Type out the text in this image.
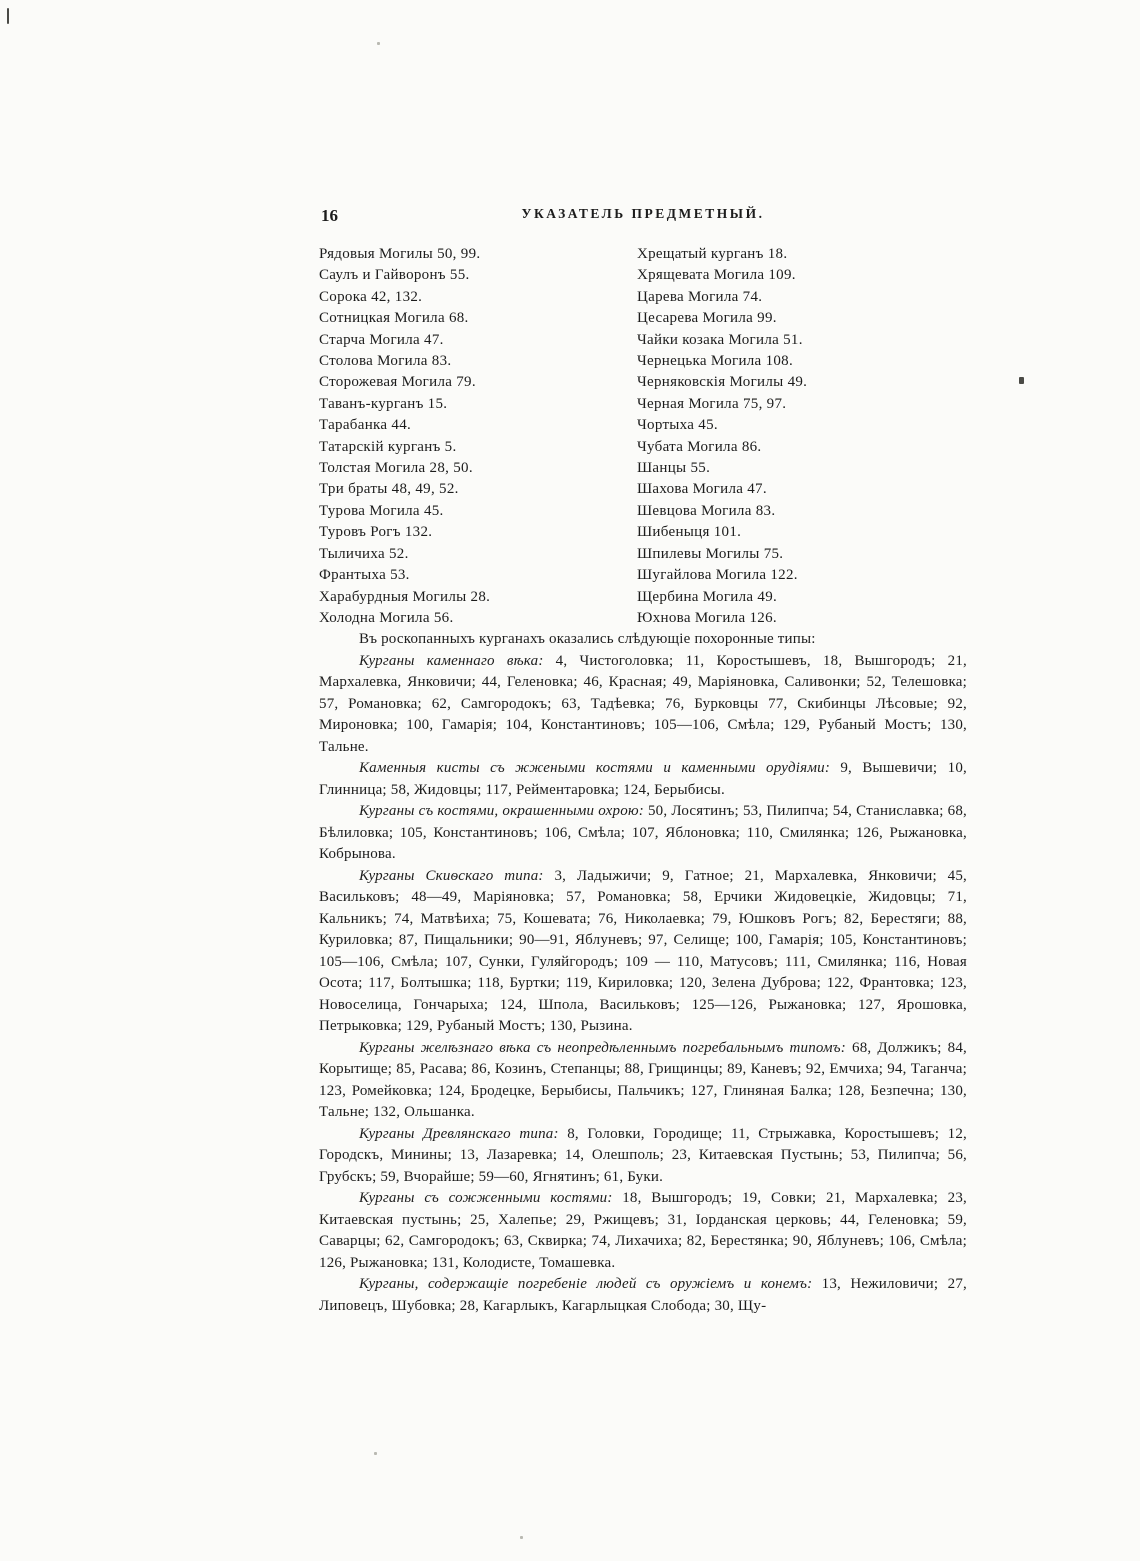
16	УКАЗАТЕЛЬ ПРЕДМЕТНЫЙ.
Рядовыя Могилы 50, 99.
Саулъ и Гайворонъ 55.
Сорока 42, 132.
Сотницкая Могила 68.
Старча Могила 47.
Столова Могила 83.
Сторожевая Могила 79.
Таванъ-курганъ 15.
Тарабанка 44.
Татарскій курганъ 5.
Толстая Могила 28, 50.
Три браты 48, 49, 52.
Турова Могила 45.
Туровъ Рогъ 132.
Тыличиха 52.
Франтыха 53.
Харабурдныя Могилы 28.
Холодна Могила 56.
Хрещатый курганъ 18.
Хрящевата Могила 109.
Царева Могила 74.
Цесарева Могила 99.
Чайки козака Могила 51.
Чернецька Могила 108.
Черняковскія Могилы 49.
Черная Могила 75, 97.
Чортыха 45.
Чубата Могила 86.
Шанцы 55.
Шахова Могила 47.
Шевцова Могила 83.
Шибеныця 101.
Шпилевы Могилы 75.
Шугайлова Могила 122.
Щербина Могила 49.
Юхнова Могила 126.

Въ роскопанныхъ курганахъ оказались слѣдующіе похоронные типы:

Курганы каменнаго вѣка: 4, Чистоголовка; 11, Коростышевъ, 18, Вышгородъ; 21, Мархалевка, Янковичи; 44, Геленовка; 46, Красная; 49, Маріяновка, Саливонки; 52, Телешовка; 57, Романовка; 62, Самгородокъ; 63, Тадѣевка; 76, Бурковцы 77, Скибинцы Лѣсовые; 92, Мироновка; 100, Гамарія; 104, Константиновъ; 105—106, Смѣла; 129, Рубаный Мостъ; 130, Тальне.

Каменныя кисты съ жжеными костями и каменными орудіями: 9, Вышевичи; 10, Глинница; 58, Жидовцы; 117, Рейментаровка; 124, Берыбисы.

Курганы съ костями, окрашенными охрою: 50, Лосятинъ; 53, Пилипча; 54, Станиславка; 68, Бѣлиловка; 105, Константиновъ; 106, Смѣла; 107, Яблоновка; 110, Смилянка; 126, Рыжановка, Кобрынова.

Курганы Скиѳскаго типа: 3, Ладыжичи; 9, Гатное; 21, Мархалевка, Янковичи; 45, Васильковъ; 48—49, Маріяновка; 57, Романовка; 58, Ерчики Жидовецкіе, Жидовцы; 71, Кальникъ; 74, Матвѣиха; 75, Кошевата; 76, Николаевка; 79, Юшковъ Рогъ; 82, Берестяги; 88, Куриловка; 87, Пищальники; 90—91, Яблуневъ; 97, Селище; 100, Гамарія; 105, Константиновъ; 105—106, Смѣла; 107, Сунки, Гуляйгородъ; 109 — 110, Матусовъ; 111, Смилянка; 116, Новая Осота; 117, Болтышка; 118, Буртки; 119, Кириловка; 120, Зелена Дуброва; 122, Франтовка; 123, Новоселица, Гончарыха; 124, Шпола, Васильковъ; 125—126, Рыжановка; 127, Ярошовка, Петрыковка; 129, Рубаный Мостъ; 130, Рызина.

Курганы желѣзнаго вѣка съ неопредѣленнымъ погребальнымъ типомъ: 68, Должикъ; 84, Корытище; 85, Расава; 86, Козинъ, Степанцы; 88, Грищинцы; 89, Каневъ; 92, Емчиха; 94, Таганча; 123, Ромейковка; 124, Бродецке, Берыбисы, Пальчикъ; 127, Глиняная Балка; 128, Безпечна; 130, Тальне; 132, Ольшанка.

Курганы Древлянскаго типа: 8, Головки, Городище; 11, Стрыжавка, Коростышевъ; 12, Городскъ, Минины; 13, Лазаревка; 14, Олешполь; 23, Китаевская Пустынь; 53, Пилипча; 56, Грубскъ; 59, Вчорайше; 59—60, Ягнятинъ; 61, Буки.

Курганы съ сожженными костями: 18, Вышгородъ; 19, Совки; 21, Мархалевка; 23, Китаевская пустынь; 25, Халепье; 29, Ржищевъ; 31, Іорданская церковь; 44, Геленовка; 59, Саварцы; 62, Самгородокъ; 63, Сквирка; 74, Лихачиха; 82, Берестянка; 90, Яблуневъ; 106, Смѣла; 126, Рыжановка; 131, Колодисте, Томашевка.

Курганы, содержащіе погребеніе людей съ оружіемъ и конемъ: 13, Нежиловичи; 27, Липовецъ, Шубовка; 28, Кагарлыкъ, Кагарлыцкая Слобода; 30, Щу-
